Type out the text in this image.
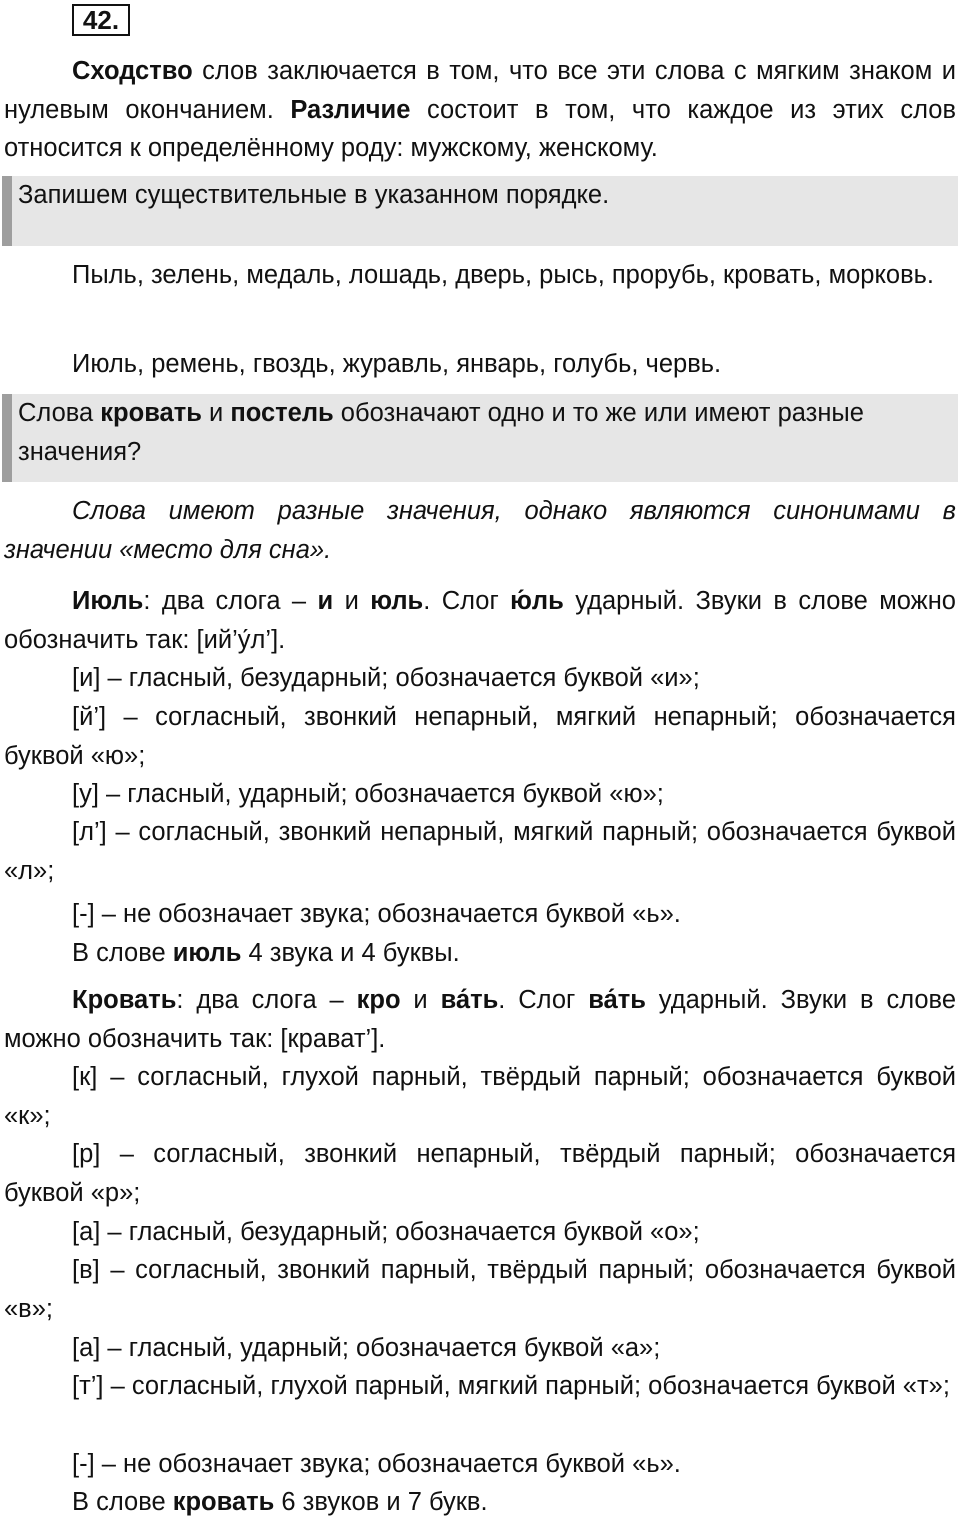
42.
Сходство слов заключается в том, что все эти слова с мягким знаком и нулевым окончанием. Различие состоит в том, что каждое из этих слов относится к определённому роду: мужскому, женскому.
Запишем существительные в указанном порядке.
Пыль, зелень, медаль, лошадь, дверь, рысь, прорубь, кровать, морковь.
Июль, ремень, гвоздь, журавль, январь, голубь, червь.
Слова кровать и постель обозначают одно и то же или имеют разные значения?
Слова имеют разные значения, однако являются синонимами в значении «место для сна».
Июль: два слога – и и юль. Слог ю́ль ударный. Звуки в слове можно обозначить так: [ий’у́л’].
[и] – гласный, безударный; обозначается буквой «и»;
[й’] – согласный, звонкий непарный, мягкий непарный; обозначается буквой «ю»;
[у] – гласный, ударный; обозначается буквой «ю»;
[л’] – согласный, звонкий непарный, мягкий парный; обозначается буквой «л»;
[-] – не обозначает звука; обозначается буквой «ь».
В слове июль 4 звука и 4 буквы.
Кровать: два слога – кро и ва́ть. Слог ва́ть ударный. Звуки в слове можно обозначить так: [крават’].
[к] – согласный, глухой парный, твёрдый парный; обозначается буквой «к»;
[р] – согласный, звонкий непарный, твёрдый парный; обозначается буквой «р»;
[а] – гласный, безударный; обозначается буквой «о»;
[в] – согласный, звонкий парный, твёрдый парный; обозначается буквой «в»;
[а] – гласный, ударный; обозначается буквой «а»;
[т’] – согласный, глухой парный, мягкий парный; обозначается буквой «т»;
[-] – не обозначает звука; обозначается буквой «ь».
В слове кровать 6 звуков и 7 букв.
